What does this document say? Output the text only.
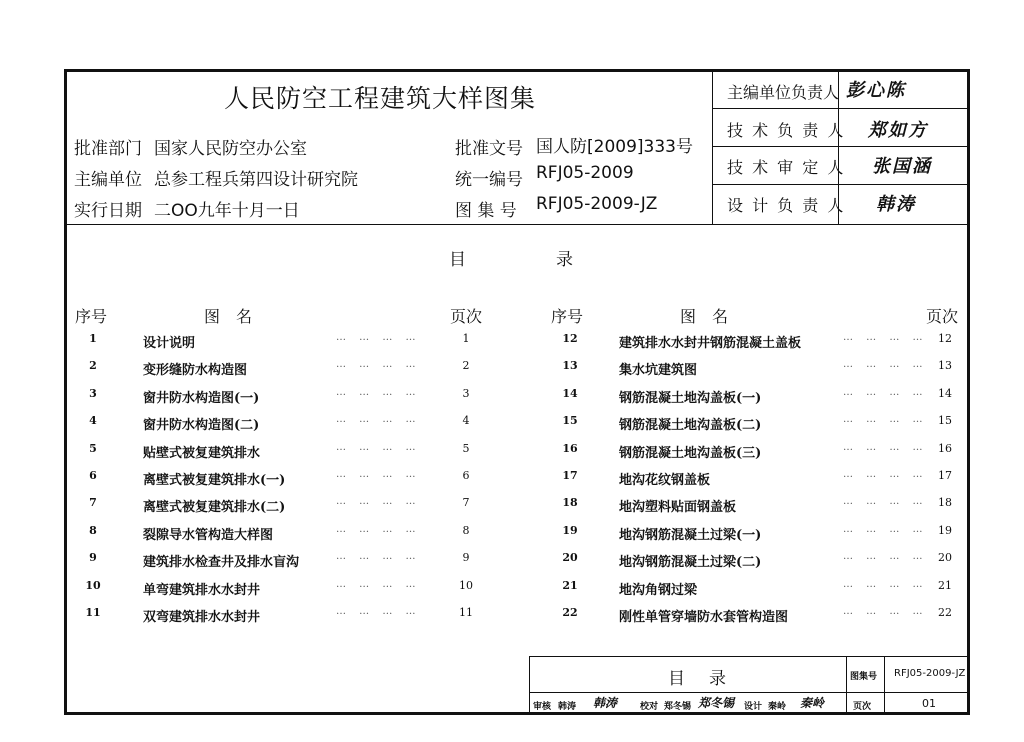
人民防空工程建筑大样图集
批准部门 国家人民防空办公室
主编单位 总参工程兵第四设计研究院
实行日期 二OO九年十月一日
批准文号 国人防[2009]333号
统一编号 RFJ05-2009
图 集 号 RFJ05-2009-JZ
主编单位负责人 彭心陈
技 术 负 责 人 郑如方
技 术 审 定 人 张国涵
设 计 负 责 人 韩涛
目	录
序号	图　名	页次	序号	图　名	页次
1	设计说明	… … … …	1
2	变形缝防水构造图	… … … …	2
3	窗井防水构造图(一)	… … … …	3
4	窗井防水构造图(二)	… … … …	4
5	贴壁式被复建筑排水	… … … …	5
6	离壁式被复建筑排水(一)	… … … …	6
7	离壁式被复建筑排水(二)	… … … …	7
8	裂隙导水管构造大样图	… … … …	8
9	建筑排水检查井及排水盲沟	… … … …	9
10	单弯建筑排水水封井	… … … …	10
11	双弯建筑排水水封井	… … … …	11
12	建筑排水水封井钢筋混凝土盖板	… … … … 12
13	集水坑建筑图	… … … … 13
14	钢筋混凝土地沟盖板(一)	… … … … 14
15	钢筋混凝土地沟盖板(二)	… … … … 15
16	钢筋混凝土地沟盖板(三)	… … … … 16
17	地沟花纹钢盖板	… … … … 17
18	地沟塑料贴面钢盖板	… … … … 18
19	地沟钢筋混凝土过梁(一)	… … … … 19
20	地沟钢筋混凝土过梁(二)	… … … … 20
21	地沟角钢过梁	… … … … 21
22	刚性单管穿墙防水套管构造图	… … … … 22
目 录	图集号 RFJ05-2009-JZ
审核 韩涛 韩涛	校对 郑冬锡 郑冬锡 设计 秦岭 秦岭	页次	01
